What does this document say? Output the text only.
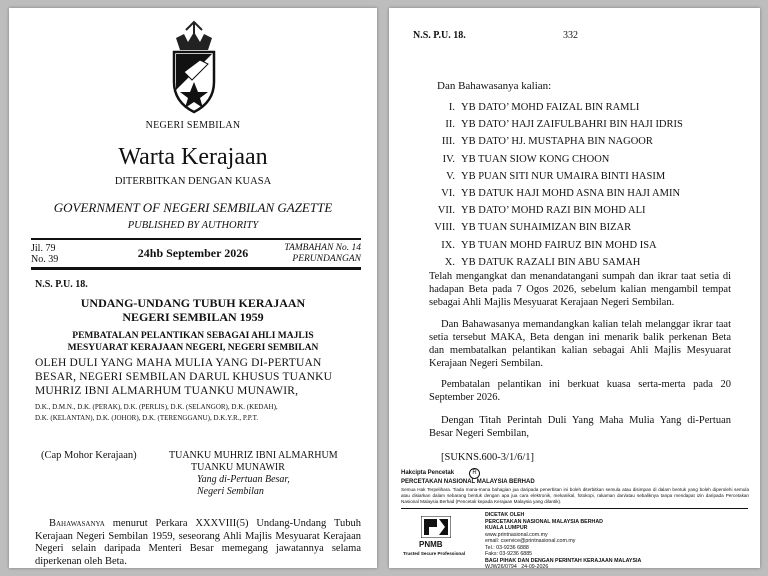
NEGERI SEMBILAN
Warta Kerajaan
DITERBITKAN DENGAN KUASA
GOVERNMENT OF NEGERI SEMBILAN GAZETTE
PUBLISHED BY AUTHORITY
Jil. 79
No. 39	24hb September 2026	TAMBAHAN No. 14
PERUNDANGAN
N.S. P.U. 18.
UNDANG-UNDANG TUBUH KERAJAAN
NEGERI SEMBILAN 1959
PEMBATALAN PELANTIKAN SEBAGAI AHLI MAJLIS
MESYUARAT KERAJAAN NEGERI, NEGERI SEMBILAN
OLEH DULI YANG MAHA MULIA YANG DI-PERTUAN
BESAR, NEGERI SEMBILAN DARUL KHUSUS TUANKU
MUHRIZ IBNI ALMARHUM TUANKU MUNAWIR,
D.K., D.M.N., D.K. (PERAK), D.K. (PERLIS), D.K. (SELANGOR), D.K. (KEDAH),
D.K. (KELANTAN), D.K. (JOHOR), D.K. (TERENGGANU), D.K.Y.R., P.P.T.
(Cap Mohor Kerajaan)	TUANKU MUHRIZ IBNI ALMARHUM
TUANKU MUNAWIR
Yang di-Pertuan Besar,
Negeri Sembilan
Bahawasanya menurut Perkara XXXVIII(5) Undang-Undang Tubuh Kerajaan Negeri Sembilan 1959, seseorang Ahli Majlis Mesyuarat Kerajaan Negeri selain daripada Menteri Besar memegang jawatannya selama diperkenan oleh Beta.
N.S. P.U. 18.	332
Dan Bahawasanya kalian:
I. YB DATO’ MOHD FAIZAL BIN RAMLI
II. YB DATO’ HAJI ZAIFULBAHRI BIN HAJI IDRIS
III. YB DATO’ HJ. MUSTAPHA BIN NAGOOR
IV. YB TUAN SIOW KONG CHOON
V. YB PUAN SITI NUR UMAIRA BINTI HASIM
VI. YB DATUK HAJI MOHD ASNA BIN HAJI AMIN
VII. YB DATO’ MOHD RAZI BIN MOHD ALI
VIII. YB TUAN SUHAIMIZAN BIN BIZAR
IX. YB TUAN MOHD FAIRUZ BIN MOHD ISA
X. YB DATUK RAZALI BIN ABU SAMAH
Telah mengangkat dan menandatangani sumpah dan ikrar taat setia di hadapan Beta pada 7 Ogos 2026, sebelum kalian mengambil tempat sebagai Ahli Majlis Mesyuarat Kerajaan Negeri Sembilan.
Dan Bahawasanya memandangkan kalian telah melanggar ikrar taat setia tersebut MAKA, Beta dengan ini menarik balik perkenan Beta dan membatalkan pelantikan kalian sebagai Ahli Majlis Mesyuarat Kerajaan Negeri Sembilan.
Pembatalan pelantikan ini berkuat kuasa serta-merta pada 20 September 2026.
Dengan Titah Perintah Duli Yang Maha Mulia Yang di-Pertuan Besar Negeri Sembilan,
[SUKNS.600-3/1/6/1]
Hakcipta Pencetak	R
PERCETAKAN NASIONAL MALAYSIA BERHAD
Semua Hak Terpelihara. Tiada mana-mana bahagian jua daripada penerbitan ini boleh diterbitkan semula atau disimpan di dalam bentuk yang boleh diperolehi semula atau disiarkan dalam sebarang bentuk dengan apa jua cara elektronik, mekanikal, fotokopi, rakaman dan/atau sebaliknya tanpa mendapat izin daripada Percetakan Nasional Malaysia Berhad (Pencetak kepada Kerajaan Malaysia yang dilantik).
PNMB
Trusted Secure Professional
DICETAK OLEH
PERCETAKAN NASIONAL MALAYSIA BERHAD
KUALA LUMPUR
www.printnasional.com.my
email: cservice@printnasional.com.my
Tel.: 03-9236 6888
Faks: 03-9236 6885
BAGI PIHAK DAN DENGAN PERINTAH KERAJAAN MALAYSIA
WJW26/0794   24-09-2026
